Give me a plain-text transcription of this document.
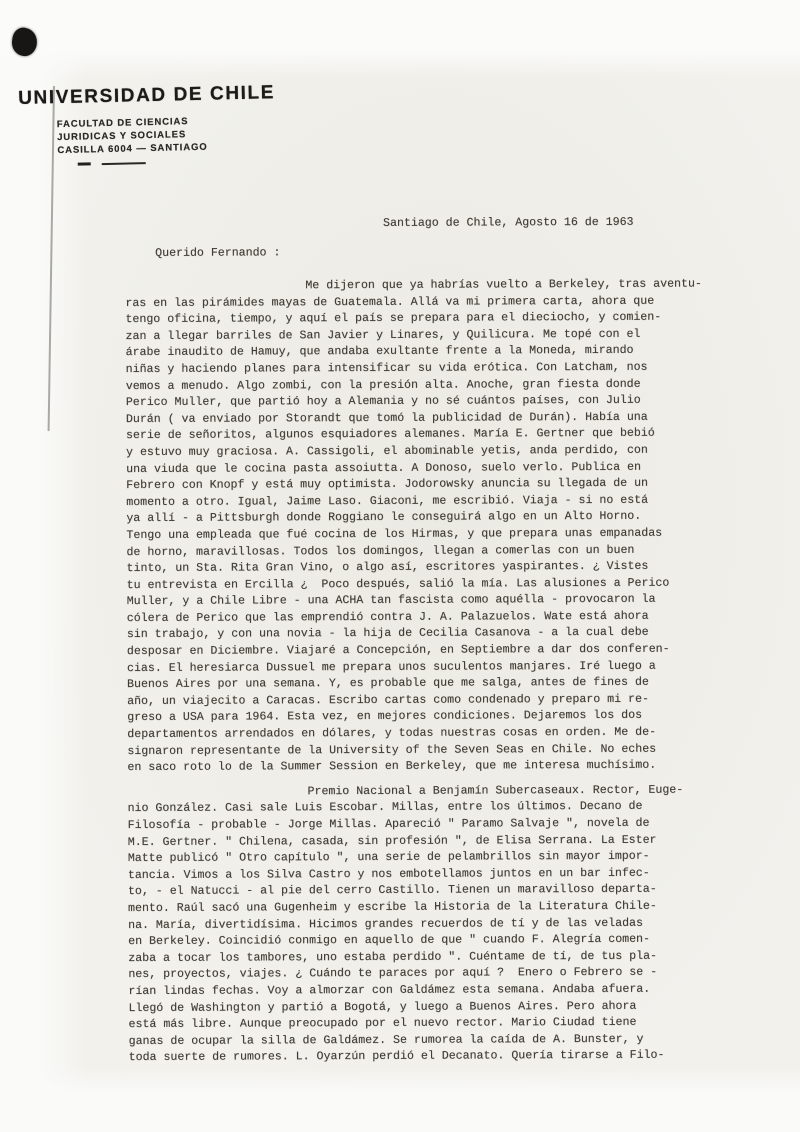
UNIVERSIDAD DE CHILE
FACULTAD DE CIENCIAS
JURIDICAS Y SOCIALES
CASILLA 6004 — SANTIAGO
Santiago de Chile, Agosto 16 de 1963
Querido Fernando :
Me dijeron que ya habrías vuelto a Berkeley, tras aventu-
ras en las pirámides mayas de Guatemala. Allá va mi primera carta, ahora que
tengo oficina, tiempo, y aquí el país se prepara para el dieciocho, y comien-
zan a llegar barriles de San Javier y Linares, y Quilicura. Me topé con el
árabe inaudito de Hamuy, que andaba exultante frente a la Moneda, mirando
niñas y haciendo planes para intensificar su vida erótica. Con Latcham, nos
vemos a menudo. Algo zombi, con la presión alta. Anoche, gran fiesta donde
Perico Muller, que partió hoy a Alemania y no sé cuántos países, con Julio
Durán ( va enviado por Storandt que tomó la publicidad de Durán). Había una
serie de señoritos, algunos esquiadores alemanes. María E. Gertner que bebió
y estuvo muy graciosa. A. Cassigoli, el abominable yetis, anda perdido, con
una viuda que le cocina pasta assoiutta. A Donoso, suelo verlo. Publica en
Febrero con Knopf y está muy optimista. Jodorowsky anuncia su llegada de un
momento a otro. Igual, Jaime Laso. Giaconi, me escribió. Viaja - si no está
ya allí - a Pittsburgh donde Roggiano le conseguirá algo en un Alto Horno.
Tengo una empleada que fué cocina de los Hirmas, y que prepara unas empanadas
de horno, maravillosas. Todos los domingos, llegan a comerlas con un buen
tinto, un Sta. Rita Gran Vino, o algo así, escritores yaspirantes. ¿ Vistes
tu entrevista en Ercilla ¿  Poco después, salió la mía. Las alusiones a Perico
Muller, y a Chile Libre - una ACHA tan fascista como aquélla - provocaron la
cólera de Perico que las emprendió contra J. A. Palazuelos. Wate está ahora
sin trabajo, y con una novia - la hija de Cecilia Casanova - a la cual debe
desposar en Diciembre. Viajaré a Concepción, en Septiembre a dar dos conferen-
cias. El heresiarca Dussuel me prepara unos suculentos manjares. Iré luego a
Buenos Aires por una semana. Y, es probable que me salga, antes de fines de
año, un viajecito a Caracas. Escribo cartas como condenado y preparo mi re-
greso a USA para 1964. Esta vez, en mejores condiciones. Dejaremos los dos
departamentos arrendados en dólares, y todas nuestras cosas en orden. Me de-
signaron representante de la University of the Seven Seas en Chile. No eches
en saco roto lo de la Summer Session en Berkeley, que me interesa muchísimo.
Premio Nacional a Benjamín Subercaseaux. Rector, Euge-
nio González. Casi sale Luis Escobar. Millas, entre los últimos. Decano de
Filosofía - probable - Jorge Millas. Apareció " Paramo Salvaje ", novela de
M.E. Gertner. " Chilena, casada, sin profesión ", de Elisa Serrana. La Ester
Matte publicó " Otro capítulo ", una serie de pelambrillos sin mayor impor-
tancia. Vimos a los Silva Castro y nos embotellamos juntos en un bar infec-
to, - el Natucci - al pie del cerro Castillo. Tienen un maravilloso departa-
mento. Raúl sacó una Gugenheim y escribe la Historia de la Literatura Chile-
na. María, divertidísima. Hicimos grandes recuerdos de tí y de las veladas
en Berkeley. Coincidió conmigo en aquello de que " cuando F. Alegría comen-
zaba a tocar los tambores, uno estaba perdido ". Cuéntame de tí, de tus pla-
nes, proyectos, viajes. ¿ Cuándo te paraces por aquí ?  Enero o Febrero se -
rían lindas fechas. Voy a almorzar con Galdámez esta semana. Andaba afuera.
Llegó de Washington y partió a Bogotá, y luego a Buenos Aires. Pero ahora
está más libre. Aunque preocupado por el nuevo rector. Mario Ciudad tiene
ganas de ocupar la silla de Galdámez. Se rumorea la caída de A. Bunster, y
toda suerte de rumores. L. Oyarzún perdió el Decanato. Quería tirarse a Filo-
